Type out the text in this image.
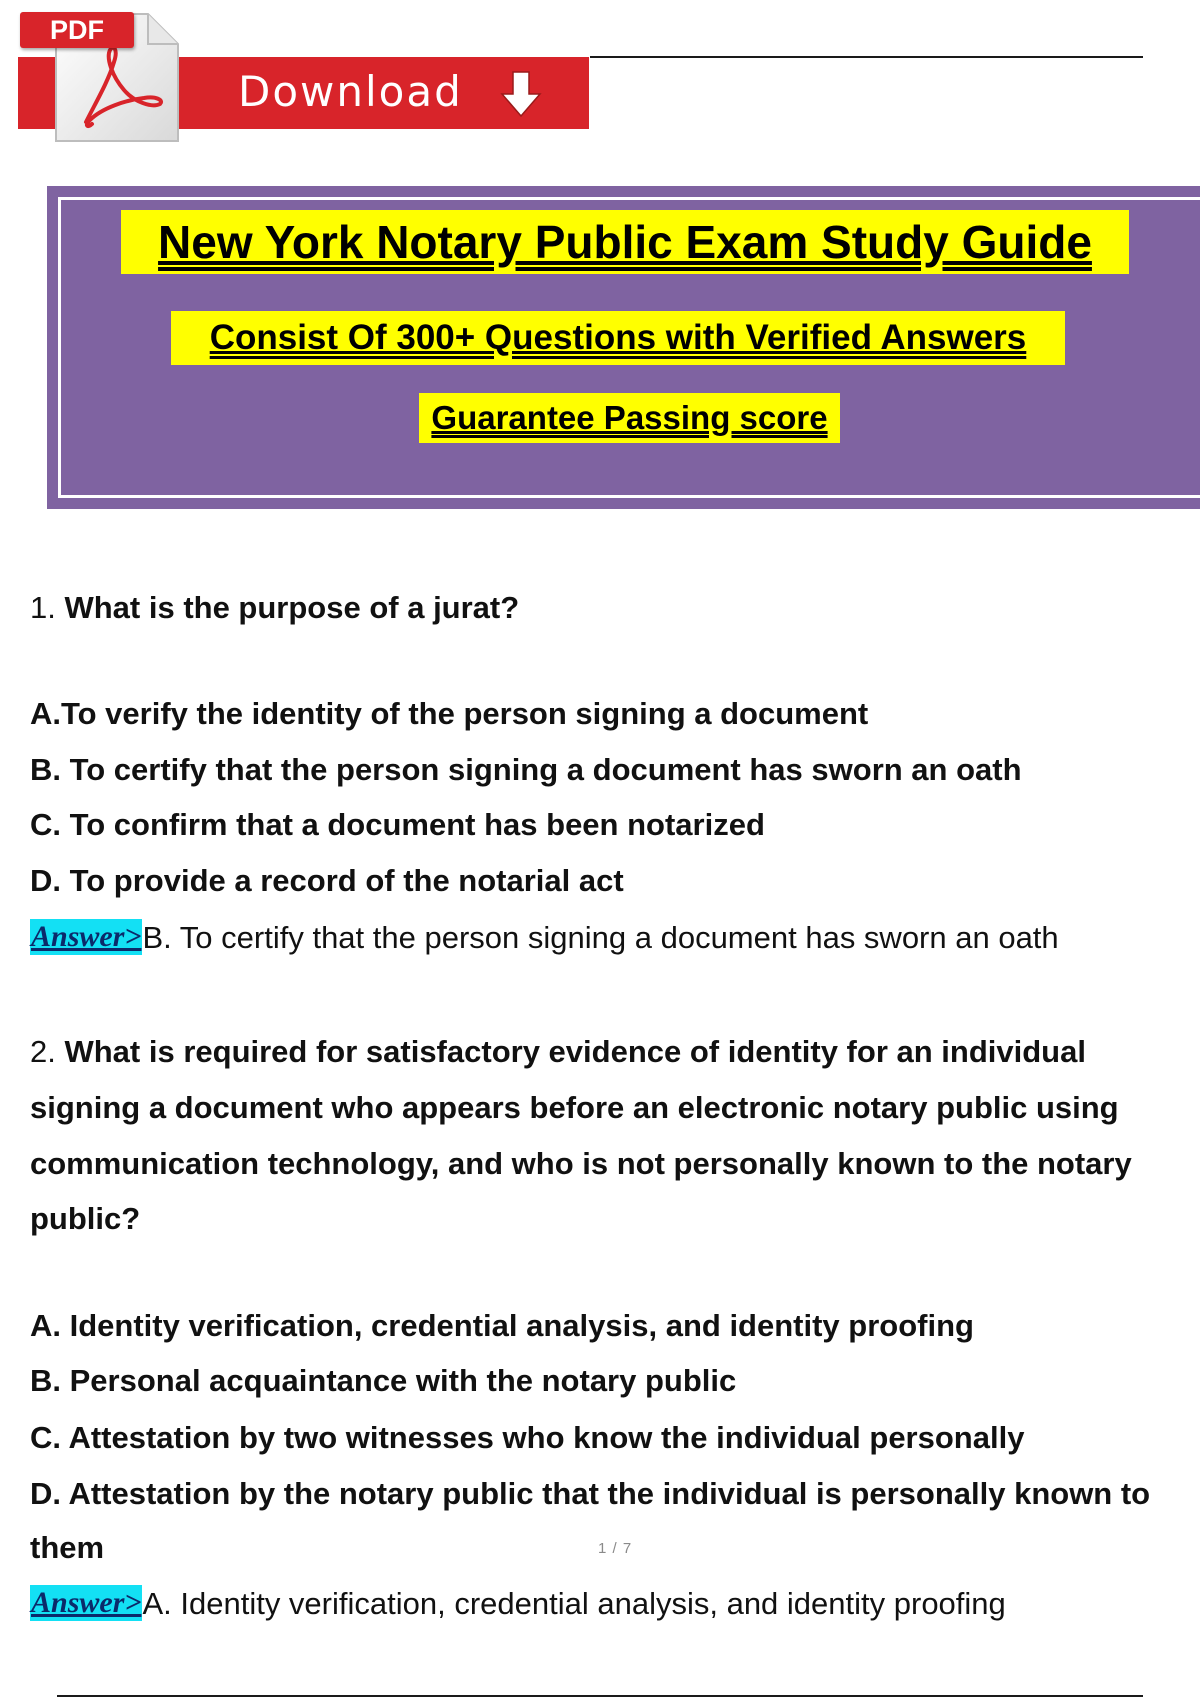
Download
PDF
New York Notary Public Exam Study Guide
Consist Of 300+ Questions with Verified Answers
Guarantee Passing score
1. What is the purpose of a jurat?
A.To verify the identity of the person signing a document
B. To certify that the person signing a document has sworn an oath
C. To confirm that a document has been notarized
D. To provide a record of the notarial act
Answer>B. To certify that the person signing a document has sworn an oath
2. What is required for satisfactory evidence of identity for an individual
signing a document who appears before an electronic notary public using
communication technology, and who is not personally known to the notary
public?
A. Identity verification, credential analysis, and identity proofing
B. Personal acquaintance with the notary public
C. Attestation by two witnesses who know the individual personally
D. Attestation by the notary public that the individual is personally known to
them
Answer>A. Identity verification, credential analysis, and identity proofing
1 / 7
